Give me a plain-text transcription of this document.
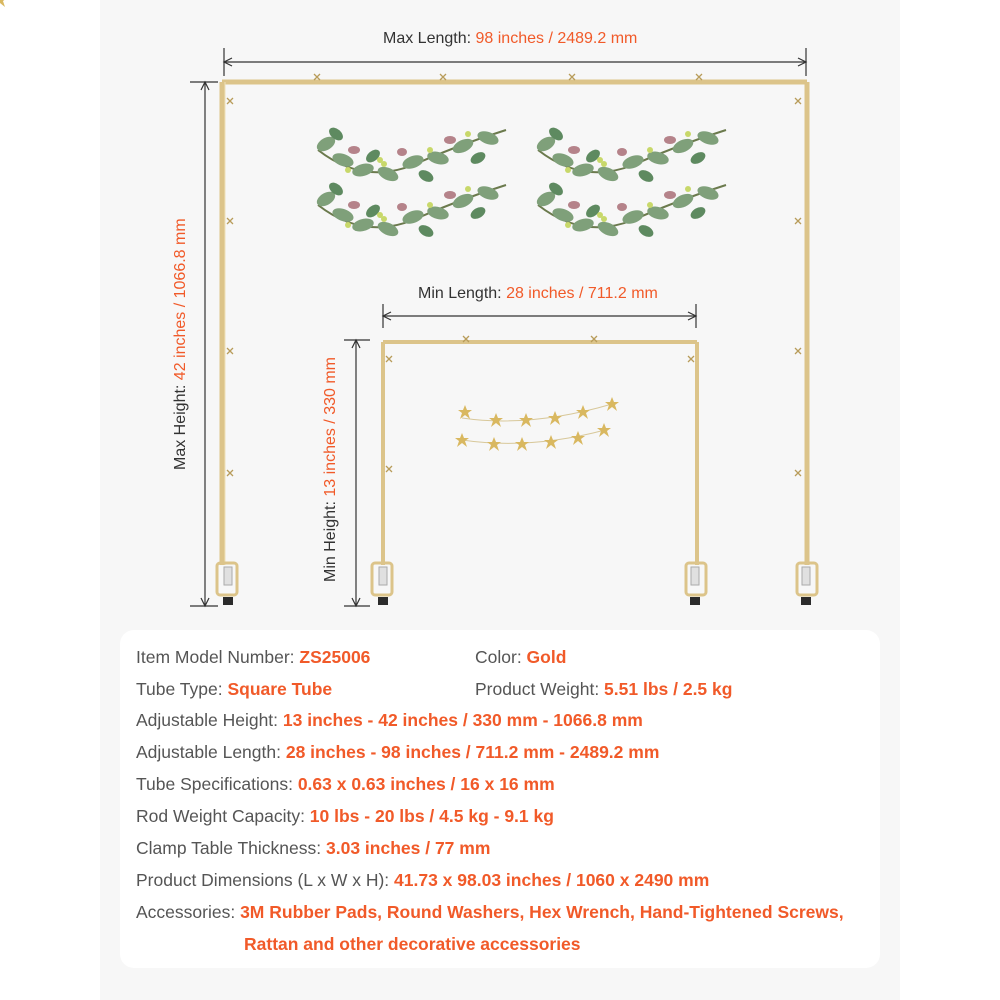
Max Length: 98 inches / 2489.2 mm
Max Height: 42 inches / 1066.8 mm	Min Length: 28 inches / 711.2 mm
Min Height: 13 inches / 330 mm
Item Model Number: ZS25006	Color: Gold
Tube Type: Square Tube	Product Weight: 5.51 lbs / 2.5 kg
Adjustable Height: 13 inches - 42 inches / 330 mm - 1066.8 mm
Adjustable Length: 28 inches - 98 inches / 711.2 mm - 2489.2 mm
Tube Specifications: 0.63 x 0.63 inches / 16 x 16 mm
Rod Weight Capacity: 10 lbs - 20 lbs / 4.5 kg - 9.1 kg
Clamp Table Thickness: 3.03 inches / 77 mm
Product Dimensions (L x W x H): 41.73 x 98.03 inches / 1060 x 2490 mm
Accessories: 3M Rubber Pads, Round Washers, Hex Wrench, Hand-Tightened Screws,
Rattan and other decorative accessories
